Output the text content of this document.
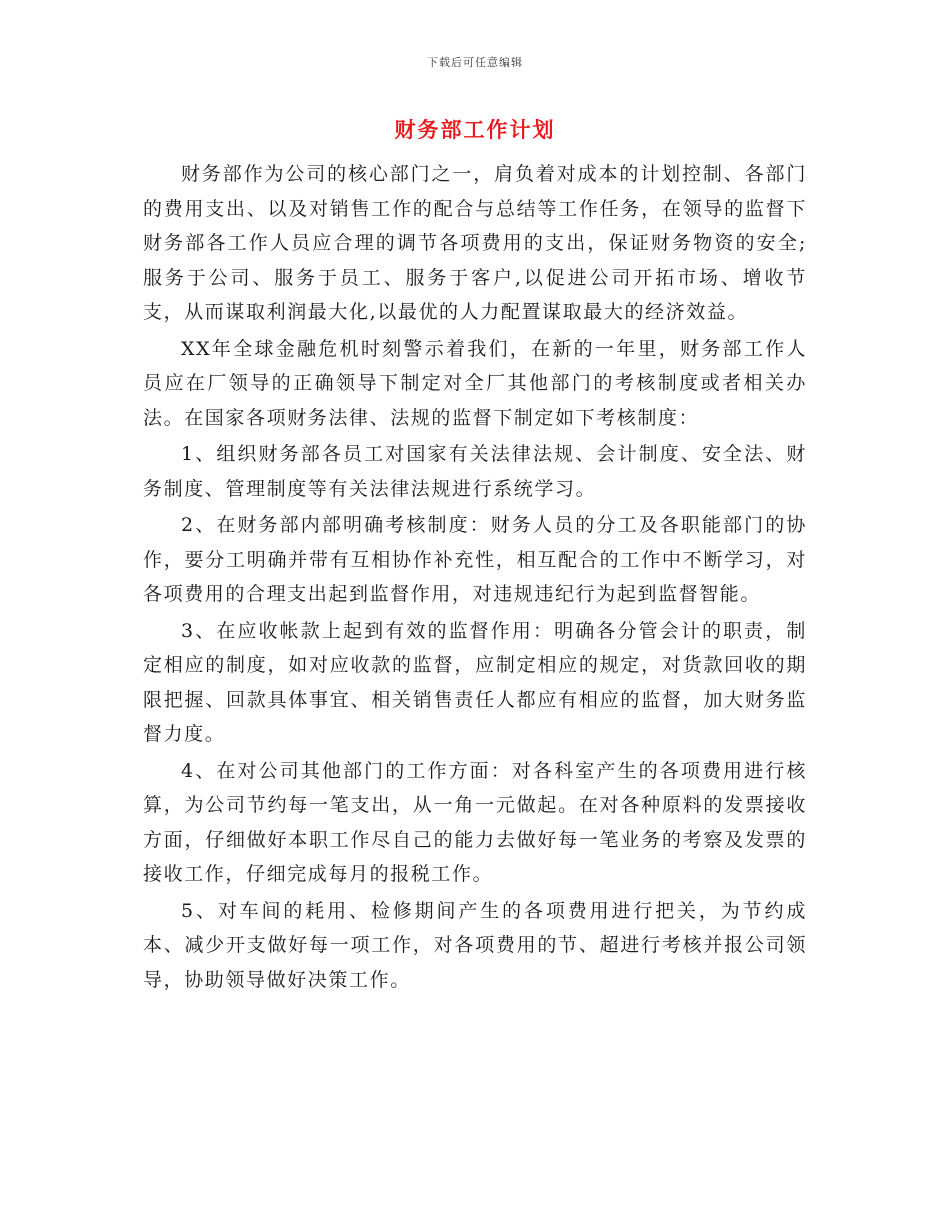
下载后可任意编辑
财务部工作计划

财务部作为公司的核心部门之一，肩负着对成本的计划控制、各部门的费用支出、以及对销售工作的配合与总结等工作任务，在领导的监督下财务部各工作人员应合理的调节各项费用的支出，保证财务物资的安全;服务于公司、服务于员工、服务于客户,以促进公司开拓市场、增收节支，从而谋取利润最大化,以最优的人力配置谋取最大的经济效益。

XX年全球金融危机时刻警示着我们，在新的一年里，财务部工作人员应在厂领导的正确领导下制定对全厂其他部门的考核制度或者相关办法。在国家各项财务法律、法规的监督下制定如下考核制度：

1、组织财务部各员工对国家有关法律法规、会计制度、安全法、财务制度、管理制度等有关法律法规进行系统学习。

2、在财务部内部明确考核制度：财务人员的分工及各职能部门的协作，要分工明确并带有互相协作补充性，相互配合的工作中不断学习，对各项费用的合理支出起到监督作用，对违规违纪行为起到监督智能。

3、在应收帐款上起到有效的监督作用：明确各分管会计的职责，制定相应的制度，如对应收款的监督，应制定相应的规定，对货款回收的期限把握、回款具体事宜、相关销售责任人都应有相应的监督，加大财务监督力度。

4、在对公司其他部门的工作方面：对各科室产生的各项费用进行核算，为公司节约每一笔支出，从一角一元做起。在对各种原料的发票接收方面，仔细做好本职工作尽自己的能力去做好每一笔业务的考察及发票的接收工作，仔细完成每月的报税工作。

5、对车间的耗用、检修期间产生的各项费用进行把关，为节约成本、减少开支做好每一项工作，对各项费用的节、超进行考核并报公司领导，协助领导做好决策工作。
